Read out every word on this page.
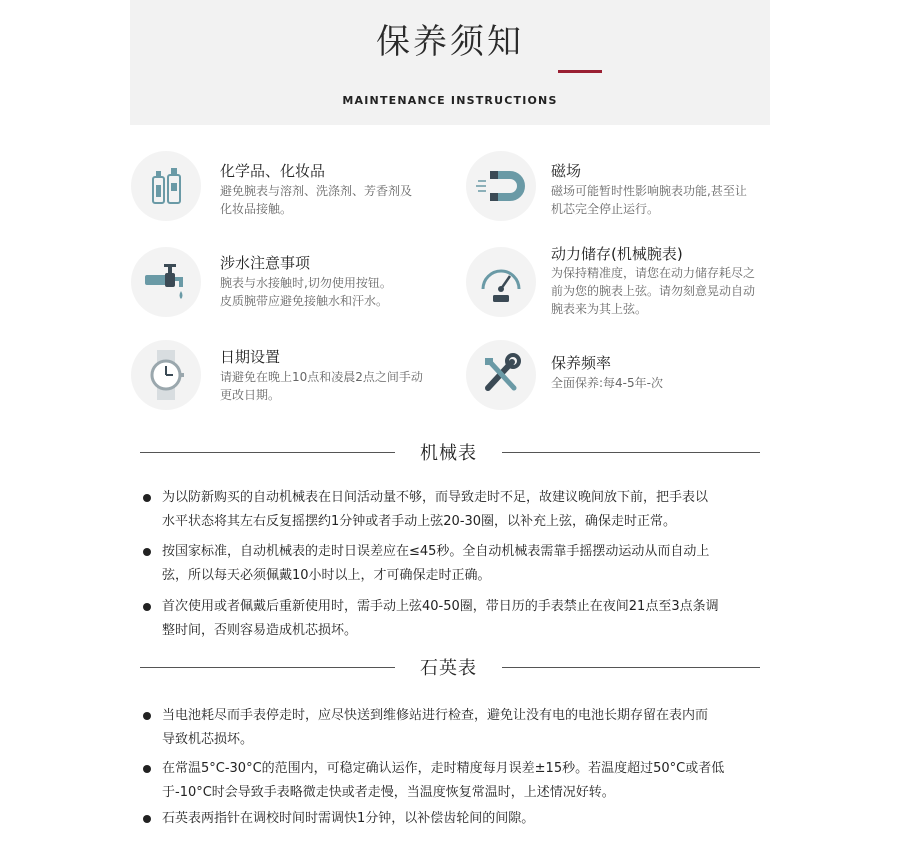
保养须知
MAINTENANCE INSTRUCTIONS
化学品、化妆品
避免腕表与溶剂、洗涤剂、芳香剂及
化妆品接触。
磁场
磁场可能暂时性影响腕表功能,甚至让
机芯完全停止运行。
涉水注意事项
腕表与水接触时,切勿使用按钮。
皮质腕带应避免接触水和汗水。
动力储存(机械腕表)
为保持精准度，请您在动力储存耗尽之
前为您的腕表上弦。请勿刻意晃动自动
腕表来为其上弦。
日期设置
请避免在晚上10点和凌晨2点之间手动
更改日期。
保养频率
全面保养:每4-5年-次
机械表
为以防新购买的自动机械表在日间活动量不够，而导致走时不足，故建议晚间放下前，把手表以
水平状态将其左右反复摇摆约1分钟或者手动上弦20-30圈，以补充上弦，确保走时正常。
按国家标准，自动机械表的走时日误差应在≤45秒。全自动机械表需靠手摇摆动运动从而自动上
弦，所以每天必须佩戴10小时以上，才可确保走时正确。
首次使用或者佩戴后重新使用时，需手动上弦40-50圈，带日历的手表禁止在夜间21点至3点条调
整时间，否则容易造成机芯损坏。
石英表
当电池耗尽而手表停走时，应尽快送到维修站进行检查，避免让没有电的电池长期存留在表内而
导致机芯损坏。
在常温5°C-30°C的范围内，可稳定确认运作，走时精度每月误差±15秒。若温度超过50°C或者低
于-10°C时会导致手表略微走快或者走慢，当温度恢复常温时，上述情况好转。
石英表两指针在调校时间时需调快1分钟，以补偿齿轮间的间隙。
